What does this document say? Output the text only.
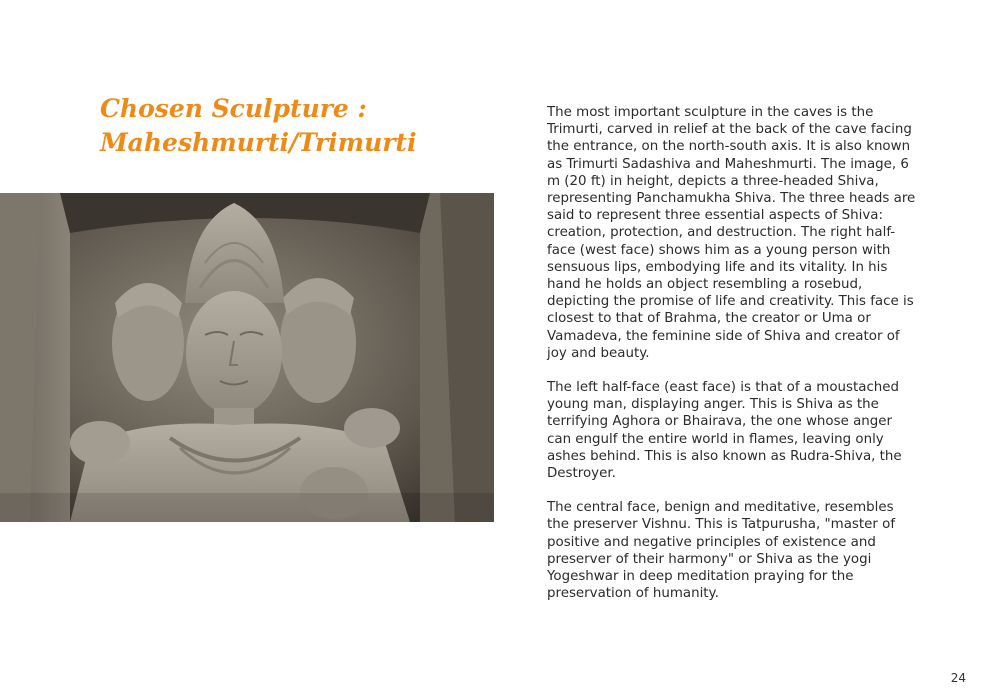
Chosen Sculpture :
Maheshmurti/Trimurti

The most important sculpture in the caves is the Trimurti, carved in relief at the back of the cave facing the entrance, on the north-south axis. It is also known as Trimurti Sadashiva and Maheshmurti. The image, 6 m (20 ft) in height, depicts a three-headed Shiva, representing Panchamukha Shiva. The three heads are said to represent three essential aspects of Shiva: creation, protection, and destruction. The right half-face (west face) shows him as a young person with sensuous lips, embodying life and its vitality. In his hand he holds an object resembling a rosebud, depicting the promise of life and creativity. This face is closest to that of Brahma, the creator or Uma or Vamadeva, the feminine side of Shiva and creator of joy and beauty.

The left half-face (east face) is that of a moustached young man, displaying anger. This is Shiva as the terrifying Aghora or Bhairava, the one whose anger can engulf the entire world in flames, leaving only ashes behind. This is also known as Rudra-Shiva, the Destroyer.

The central face, benign and meditative, resembles the preserver Vishnu. This is Tatpurusha, "master of positive and negative principles of existence and preserver of their harmony" or Shiva as the yogi Yogeshwar in deep meditation praying for the preservation of humanity.

24
